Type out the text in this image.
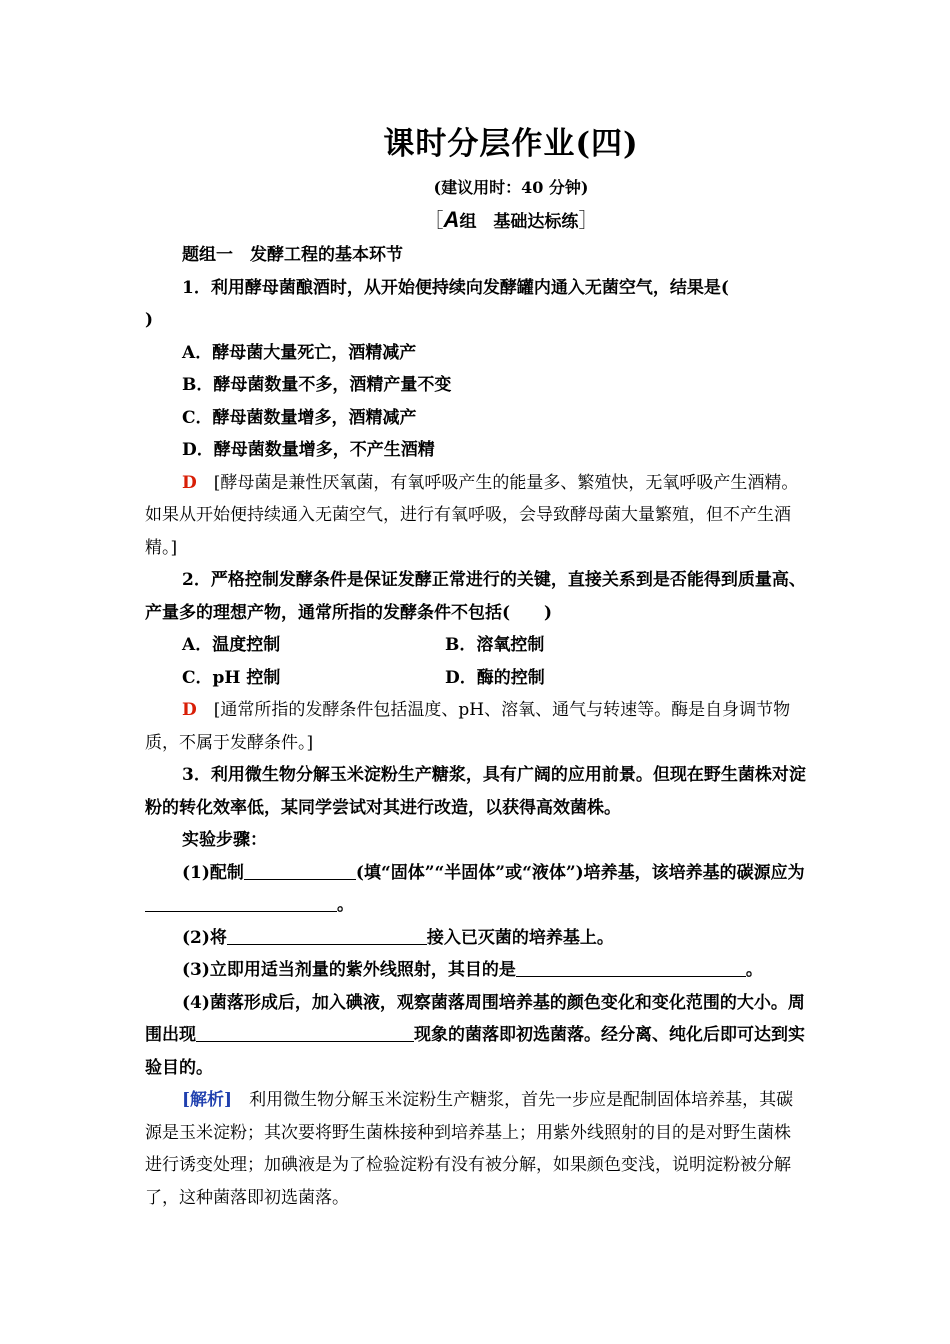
课时分层作业(四)
(建议用时：40 分钟)
［A组　基础达标练］
题组一　发酵工程的基本环节
1．利用酵母菌酿酒时，从开始便持续向发酵罐内通入无菌空气，结果是(
)
A．酵母菌大量死亡，酒精减产
B．酵母菌数量不多，酒精产量不变
C．酵母菌数量增多，酒精减产
D．酵母菌数量增多，不产生酒精
D　 [酵母菌是兼性厌氧菌，有氧呼吸产生的能量多、繁殖快，无氧呼吸产生酒精。如果从开始便持续通入无菌空气，进行有氧呼吸，会导致酵母菌大量繁殖，但不产生酒精。]
2．严格控制发酵条件是保证发酵正常进行的关键，直接关系到是否能得到质量高、产量多的理想产物，通常所指的发酵条件不包括(　　)
A．温度控制	B．溶氧控制
C．pH 控制	D．酶的控制
D　 [通常所指的发酵条件包括温度、pH、溶氧、通气与转速等。酶是自身调节物质，不属于发酵条件。]
3．利用微生物分解玉米淀粉生产糖浆，具有广阔的应用前景。但现在野生菌株对淀粉的转化效率低，某同学尝试对其进行改造，以获得高效菌株。
实验步骤：
(1)配制	(填“固体”“半固体”或“液体”)培养基，该培养基的碳源应为。
(2)将	接入已灭菌的培养基上。
(3)立即用适当剂量的紫外线照射，其目的是	。
(4)菌落形成后，加入碘液，观察菌落周围培养基的颜色变化和变化范围的大小。周围出现	现象的菌落即初选菌落。经分离、纯化后即可达到实验目的。
[解析]　 利用微生物分解玉米淀粉生产糖浆，首先一步应是配制固体培养基，其碳源是玉米淀粉；其次要将野生菌株接种到培养基上；用紫外线照射的目的是对野生菌株进行诱变处理；加碘液是为了检验淀粉有没有被分解，如果颜色变浅，说明淀粉被分解了，这种菌落即初选菌落。
